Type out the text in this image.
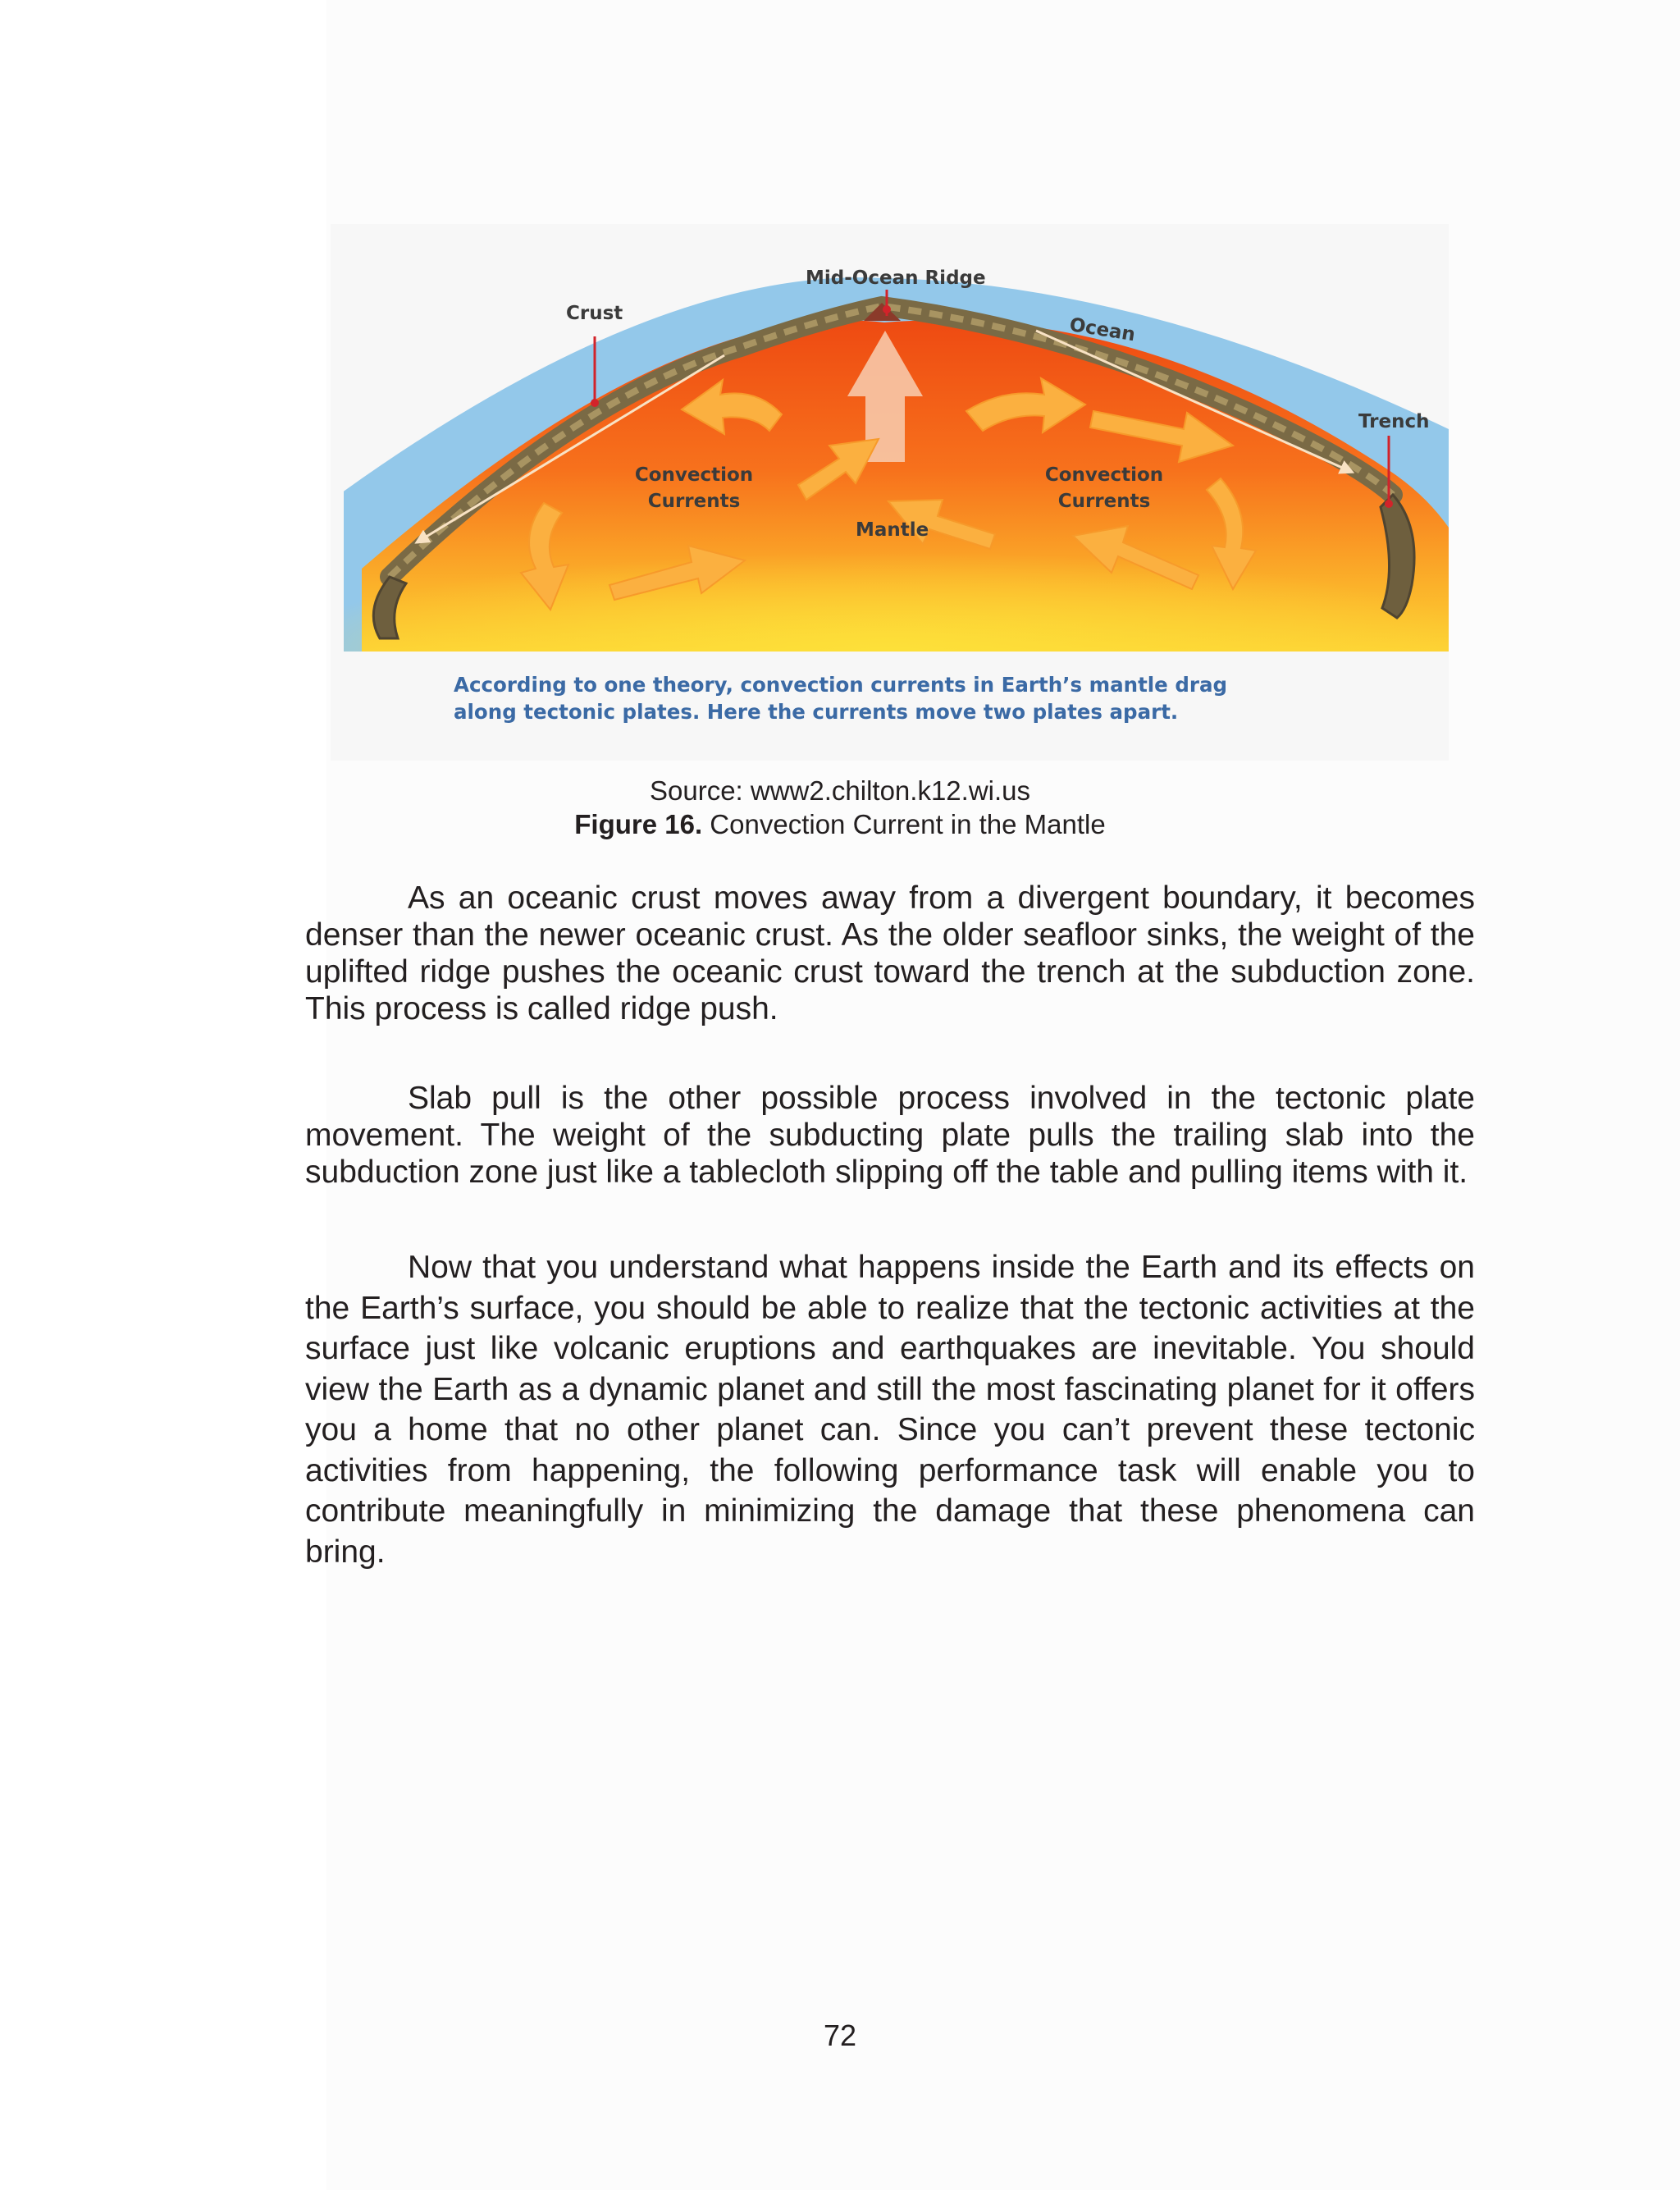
Crust
Mid-Ocean Ridge
Ocean
Trench
Convection
Currents
Convection
Currents
Mantle
According to one theory, convection currents in Earth’s mantle drag along tectonic plates. Here the currents move two plates apart.
Source: www2.chilton.k12.wi.us
Figure 16. Convection Current in the Mantle

As an oceanic crust moves away from a divergent boundary, it becomes denser than the newer oceanic crust. As the older seafloor sinks, the weight of the uplifted ridge pushes the oceanic crust toward the trench at the subduction zone. This process is called ridge push.

Slab pull is the other possible process involved in the tectonic plate movement. The weight of the subducting plate pulls the trailing slab into the subduction zone just like a tablecloth slipping off the table and pulling items with it.

Now that you understand what happens inside the Earth and its effects on the Earth’s surface, you should be able to realize that the tectonic activities at the surface just like volcanic eruptions and earthquakes are inevitable. You should view the Earth as a dynamic planet and still the most fascinating planet for it offers you a home that no other planet can. Since you can’t prevent these tectonic activities from happening, the following performance task will enable you to contribute meaningfully in minimizing the damage that these phenomena can bring.

72
